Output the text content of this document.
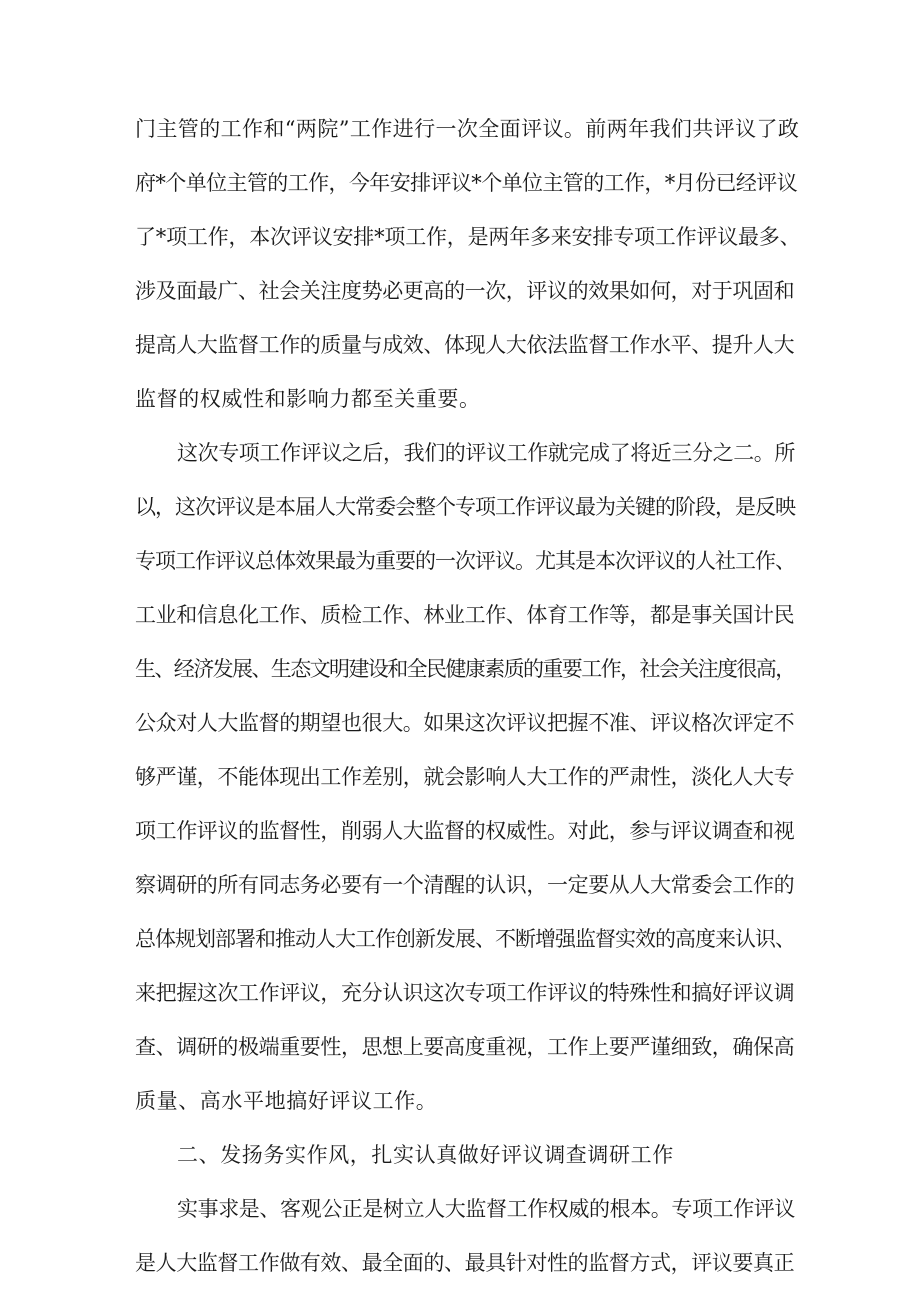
门主管的工作和“两院”工作进行一次全面评议。前两年我们共评议了政
府*个单位主管的工作，今年安排评议*个单位主管的工作，*月份已经评议
了*项工作，本次评议安排*项工作，是两年多来安排专项工作评议最多、
涉及面最广、社会关注度势必更高的一次，评议的效果如何，对于巩固和
提高人大监督工作的质量与成效、体现人大依法监督工作水平、提升人大
监督的权威性和影响力都至关重要。
这次专项工作评议之后，我们的评议工作就完成了将近三分之二。所
以，这次评议是本届人大常委会整个专项工作评议最为关键的阶段，是反映
专项工作评议总体效果最为重要的一次评议。尤其是本次评议的人社工作、
工业和信息化工作、质检工作、林业工作、体育工作等，都是事关国计民
生、经济发展、生态文明建设和全民健康素质的重要工作，社会关注度很高，
公众对人大监督的期望也很大。如果这次评议把握不准、评议格次评定不
够严谨，不能体现出工作差别，就会影响人大工作的严肃性，淡化人大专
项工作评议的监督性，削弱人大监督的权威性。对此，参与评议调查和视
察调研的所有同志务必要有一个清醒的认识，一定要从人大常委会工作的
总体规划部署和推动人大工作创新发展、不断增强监督实效的高度来认识、
来把握这次工作评议，充分认识这次专项工作评议的特殊性和搞好评议调
查、调研的极端重要性，思想上要高度重视，工作上要严谨细致，确保高
质量、高水平地搞好评议工作。
二、发扬务实作风，扎实认真做好评议调查调研工作
实事求是、客观公正是树立人大监督工作权威的根本。专项工作评议
是人大监督工作做有效、最全面的、最具针对性的监督方式，评议要真正
